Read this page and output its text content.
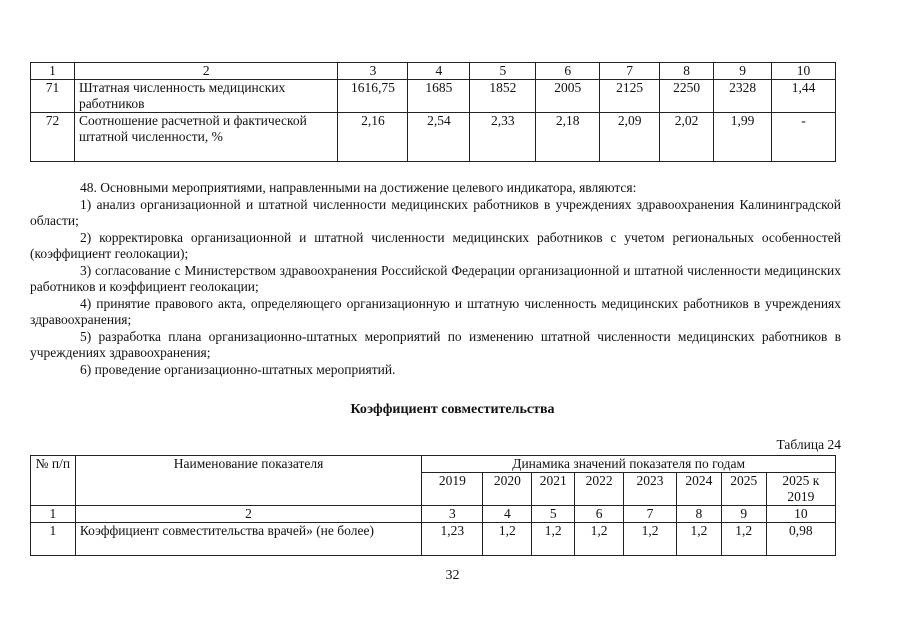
1	2	3	4	5	6	7	8	9	10
71	Штатная численность медицинских работников	1616,75	1685	1852	2005	2125	2250	2328	1,44
72	Соотношение расчетной и фактической штатной численности, %	2,16	2,54	2,33	2,18	2,09	2,02	1,99	-

48. Основными мероприятиями, направленными на достижение целевого индикатора, являются:

1) анализ организационной и штатной численности медицинских работников в учреждениях здравоохранения Калининградской области;

2) корректировка организационной и штатной численности медицинских работников с учетом региональных особенностей (коэффициент геолокации);

3) согласование с Министерством здравоохранения Российской Федерации организационной и штатной численности медицинских работников и коэффициент геолокации;

4) принятие правового акта, определяющего организационную и штатную численность медицинских работников в учреждениях здравоохранения;

5) разработка плана организационно-штатных мероприятий по изменению штатной численности медицинских работников в учреждениях здравоохранения;

6) проведение организационно-штатных мероприятий.

Коэффициент совместительства
Таблица 24
№ п/п	Наименование показателя	Динамика значений показателя по годам							
		2019	2020	2021	2022	2023	2024	2025	2025 к 2019
1	2	3	4	5	6	7	8	9	10
1	Коэффициент совместительства врачей» (не более)	1,23	1,2	1,2	1,2	1,2	1,2	1,2	0,98
32
